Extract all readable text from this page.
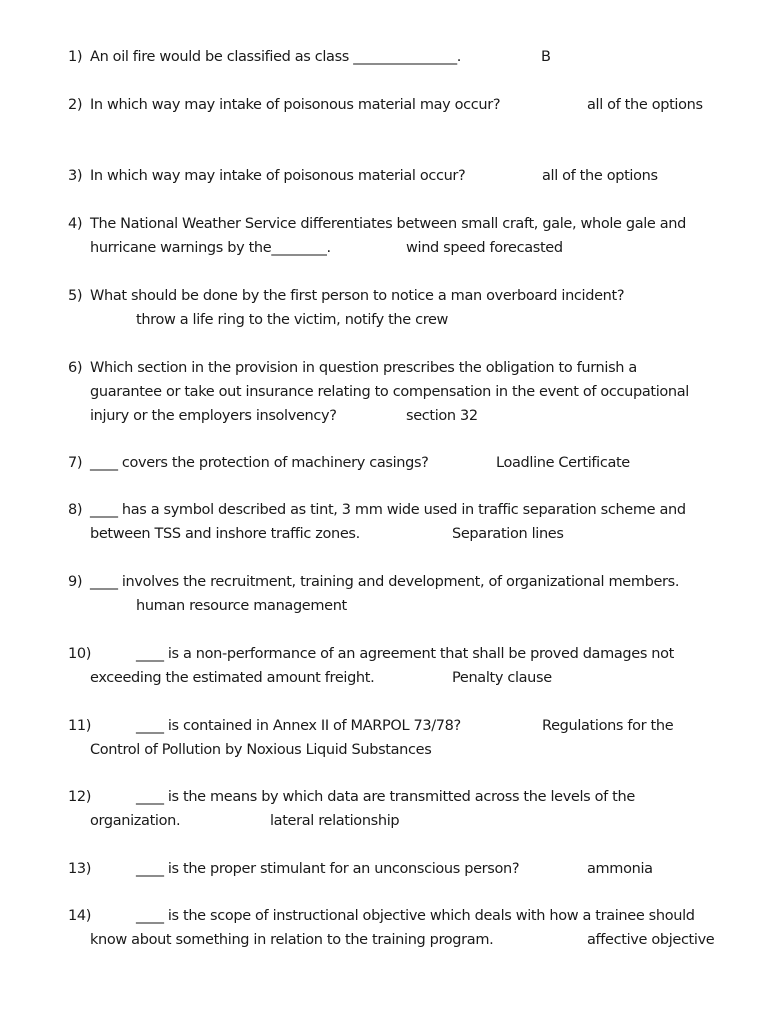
1) An oil fire would be classified as class _______________.	B
2) In which way may intake of poisonous material may occur?	all of the options
3) In which way may intake of poisonous material occur?	all of the options
4) The National Weather Service differentiates between small craft, gale, whole gale and
hurricane warnings by the________.	wind speed forecasted
5) What should be done by the first person to notice a man overboard incident?
throw a life ring to the victim, notify the crew
6) Which section in the provision in question prescribes the obligation to furnish a
guarantee or take out insurance relating to compensation in the event of occupational
injury or the employers insolvency?	section 32
7) ____ covers the protection of machinery casings?	Loadline Certificate
8) ____ has a symbol described as tint, 3 mm wide used in traffic separation scheme and
between TSS and inshore traffic zones.	Separation lines
9) ____ involves the recruitment, training and development, of organizational members.
human resource management
10)	____ is a non-performance of an agreement that shall be proved damages not
exceeding the estimated amount freight.	Penalty clause
11)	____ is contained in Annex II of MARPOL 73/78?	Regulations for the
Control of Pollution by Noxious Liquid Substances
12)	____ is the means by which data are transmitted across the levels of the
organization.	lateral relationship
13)	____ is the proper stimulant for an unconscious person?	ammonia
14)	____ is the scope of instructional objective which deals with how a trainee should
know about something in relation to the training program.	affective objective
